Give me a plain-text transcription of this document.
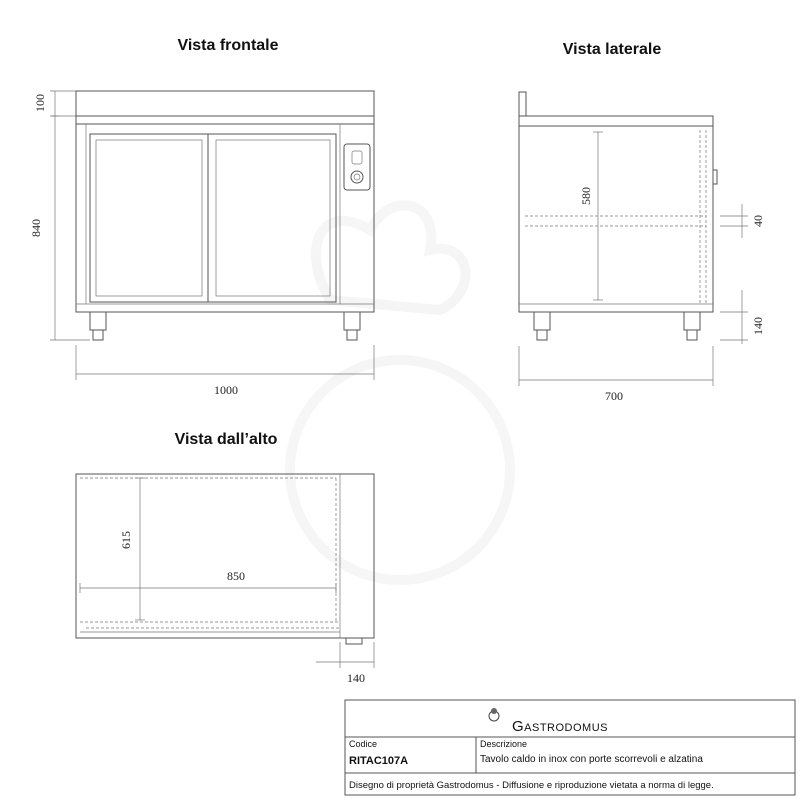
Vista frontale	Vista laterale
Vista dall’alto
100
840
1000
580
40
140
700
615
850
140
Gastrodomus
Codice
RITAC107A
Descrizione
Tavolo caldo in inox con porte scorrevoli e alzatina
Disegno di proprietà Gastrodomus - Diffusione e riproduzione vietata a norma di legge.
